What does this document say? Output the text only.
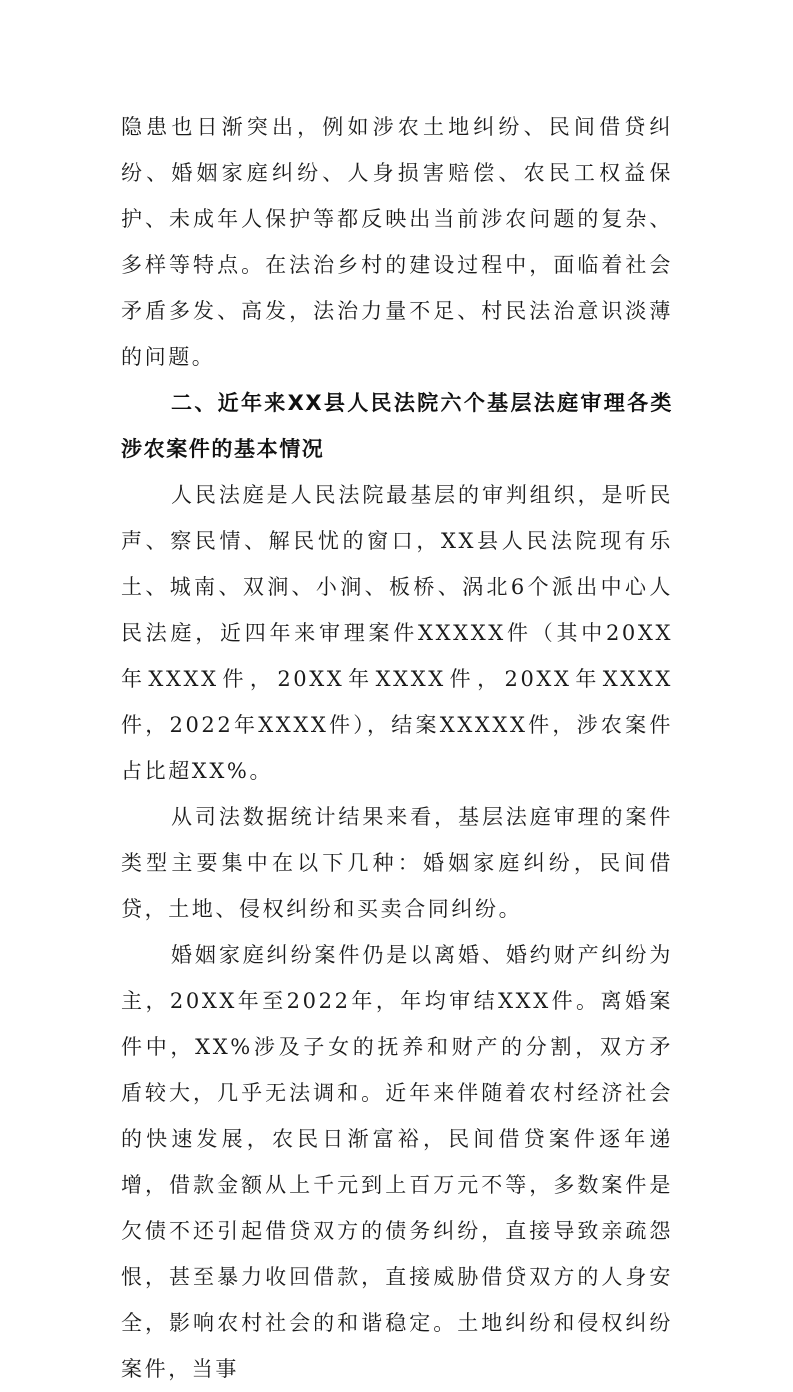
隐患也日渐突出，例如涉农土地纠纷、民间借贷纠纷、婚姻家庭纠纷、人身损害赔偿、农民工权益保护、未成年人保护等都反映出当前涉农问题的复杂、多样等特点。在法治乡村的建设过程中，面临着社会矛盾多发、高发，法治力量不足、村民法治意识淡薄的问题。

二、近年来XX县人民法院六个基层法庭审理各类涉农案件的基本情况

人民法庭是人民法院最基层的审判组织，是听民声、察民情、解民忧的窗口，XX县人民法院现有乐土、城南、双涧、小涧、板桥、涡北6个派出中心人民法庭，近四年来审理案件XXXXX件（其中20XX年XXXX件，20XX年XXXX件，20XX年XXXX件，2022年XXXX件），结案XXXXX件，涉农案件占比超XX%。

从司法数据统计结果来看，基层法庭审理的案件类型主要集中在以下几种：婚姻家庭纠纷，民间借贷，土地、侵权纠纷和买卖合同纠纷。

婚姻家庭纠纷案件仍是以离婚、婚约财产纠纷为主，20XX年至2022年，年均审结XXX件。离婚案件中，XX%涉及子女的抚养和财产的分割，双方矛盾较大，几乎无法调和。近年来伴随着农村经济社会的快速发展，农民日渐富裕，民间借贷案件逐年递增，借款金额从上千元到上百万元不等，多数案件是欠债不还引起借贷双方的债务纠纷，直接导致亲疏怨恨，甚至暴力收回借款，直接威胁借贷双方的人身安全，影响农村社会的和谐稳定。土地纠纷和侵权纠纷案件，当事
